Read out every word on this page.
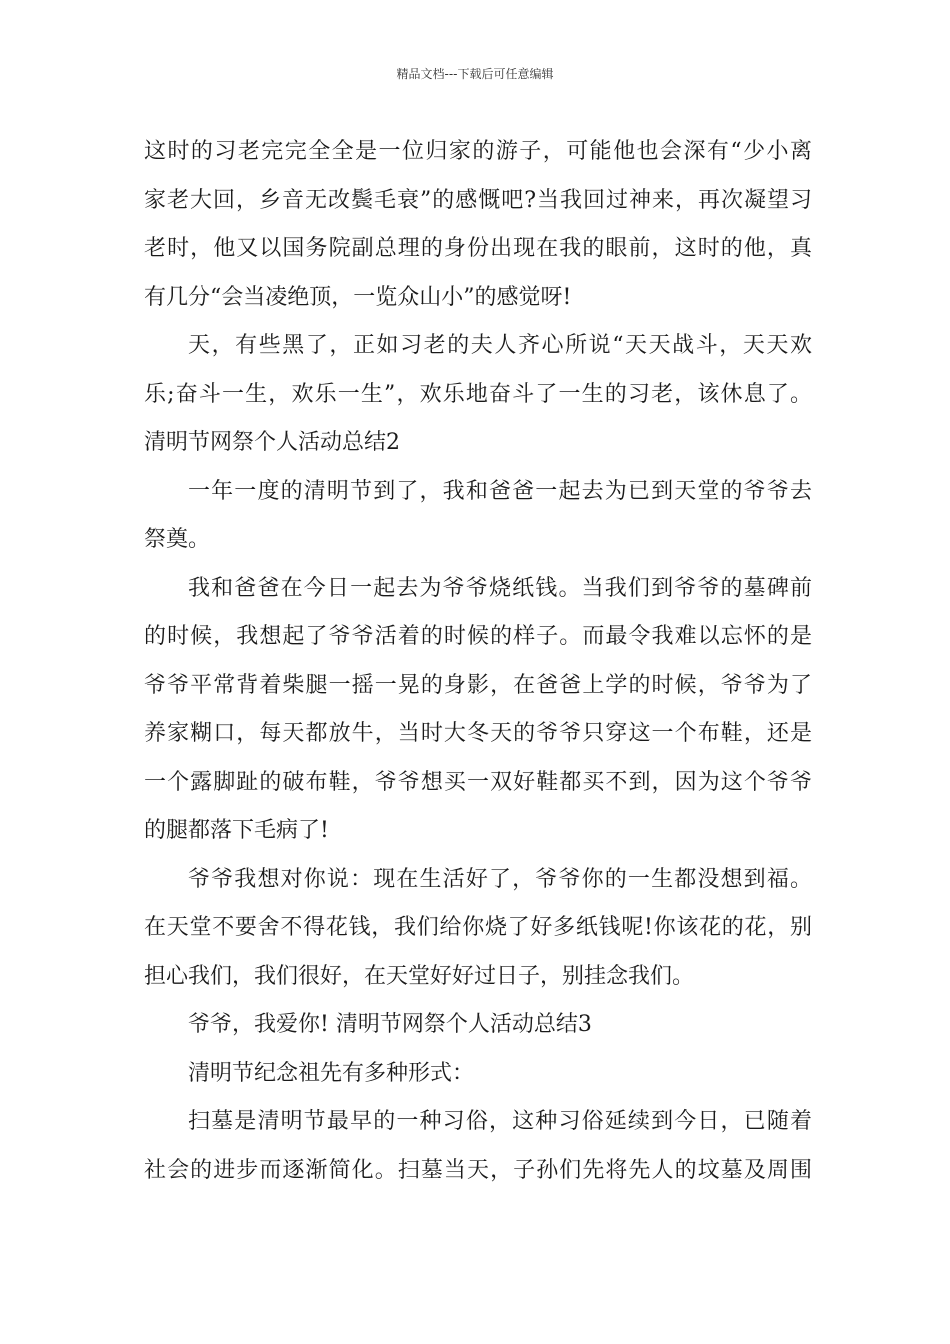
精品文档---下载后可任意编辑
这时的习老完完全全是一位归家的游子，可能他也会深有“少小离
家老大回，乡音无改鬓毛衰”的感慨吧?当我回过神来，再次凝望习
老时，他又以国务院副总理的身份出现在我的眼前，这时的他，真
有几分“会当凌绝顶，一览众山小”的感觉呀!
天，有些黑了，正如习老的夫人齐心所说“天天战斗，天天欢
乐;奋斗一生，欢乐一生”，欢乐地奋斗了一生的习老，该休息了。
清明节网祭个人活动总结2
一年一度的清明节到了，我和爸爸一起去为已到天堂的爷爷去
祭奠。
我和爸爸在今日一起去为爷爷烧纸钱。当我们到爷爷的墓碑前
的时候，我想起了爷爷活着的时候的样子。而最令我难以忘怀的是
爷爷平常背着柴腿一摇一晃的身影，在爸爸上学的时候，爷爷为了
养家糊口，每天都放牛，当时大冬天的爷爷只穿这一个布鞋，还是
一个露脚趾的破布鞋，爷爷想买一双好鞋都买不到，因为这个爷爷
的腿都落下毛病了!
爷爷我想对你说：现在生活好了，爷爷你的一生都没想到福。
在天堂不要舍不得花钱，我们给你烧了好多纸钱呢!你该花的花，别
担心我们，我们很好，在天堂好好过日子，别挂念我们。
爷爷，我爱你! 清明节网祭个人活动总结3
清明节纪念祖先有多种形式：
扫墓是清明节最早的一种习俗，这种习俗延续到今日，已随着
社会的进步而逐渐简化。扫墓当天，子孙们先将先人的坟墓及周围
